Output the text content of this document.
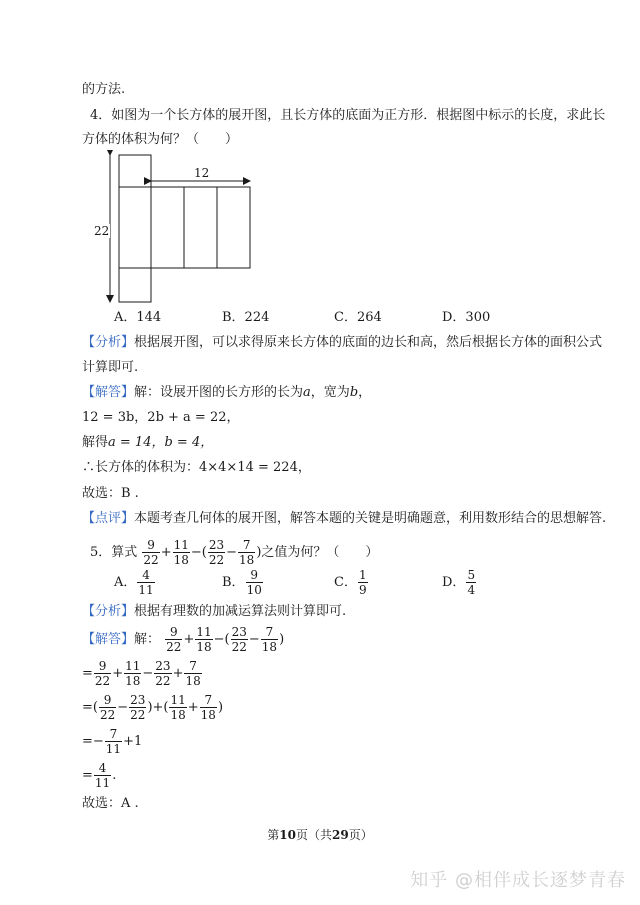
的方法.
4．如图为一个长方体的展开图，且长方体的底面为正方形．根据图中标示的长度，求此长
方体的体积为何？（　　）
22
12
A．144	B．224	C．264	D．300
【分析】根据展开图，可以求得原来长方体的底面的边长和高，然后根据长方体的面积公式
计算即可.
【解答】解：设展开图的长方形的长为a，宽为b，
12 = 3b，2b + a = 22，
解得a = 14，b = 4，
∴长方体的体积为：4×4×14 = 224，
故选：B .
【点评】本题考查几何体的展开图，解答本题的关键是明确题意，利用数形结合的思想解答.
5．算式 $\frac{9}{22} + \frac{11}{18}$ −( $\frac{23}{22} - \frac{7}{18}$ )之值为何？（　　）
A． $\frac{4}{11}$	B． $\frac{9}{10}$	C． $\frac{1}{9}$	D． $\frac{5}{4}$
【分析】根据有理数的加减运算法则计算即可.
【解答】解： $\frac{9}{22} + \frac{11}{18}$ −( $\frac{23}{22} - \frac{7}{18}$ )
= $\frac{9}{22} + \frac{11}{18} - \frac{23}{22} + \frac{7}{18}$
=( $\frac{9}{22} - \frac{23}{22}$ )+( $\frac{11}{18} + \frac{7}{18}$ )
=− $\frac{7}{11} +1$
= $\frac{4}{11}$ .
故选：A .
第10页（共29页）
知乎 @相伴成长逐梦青春
